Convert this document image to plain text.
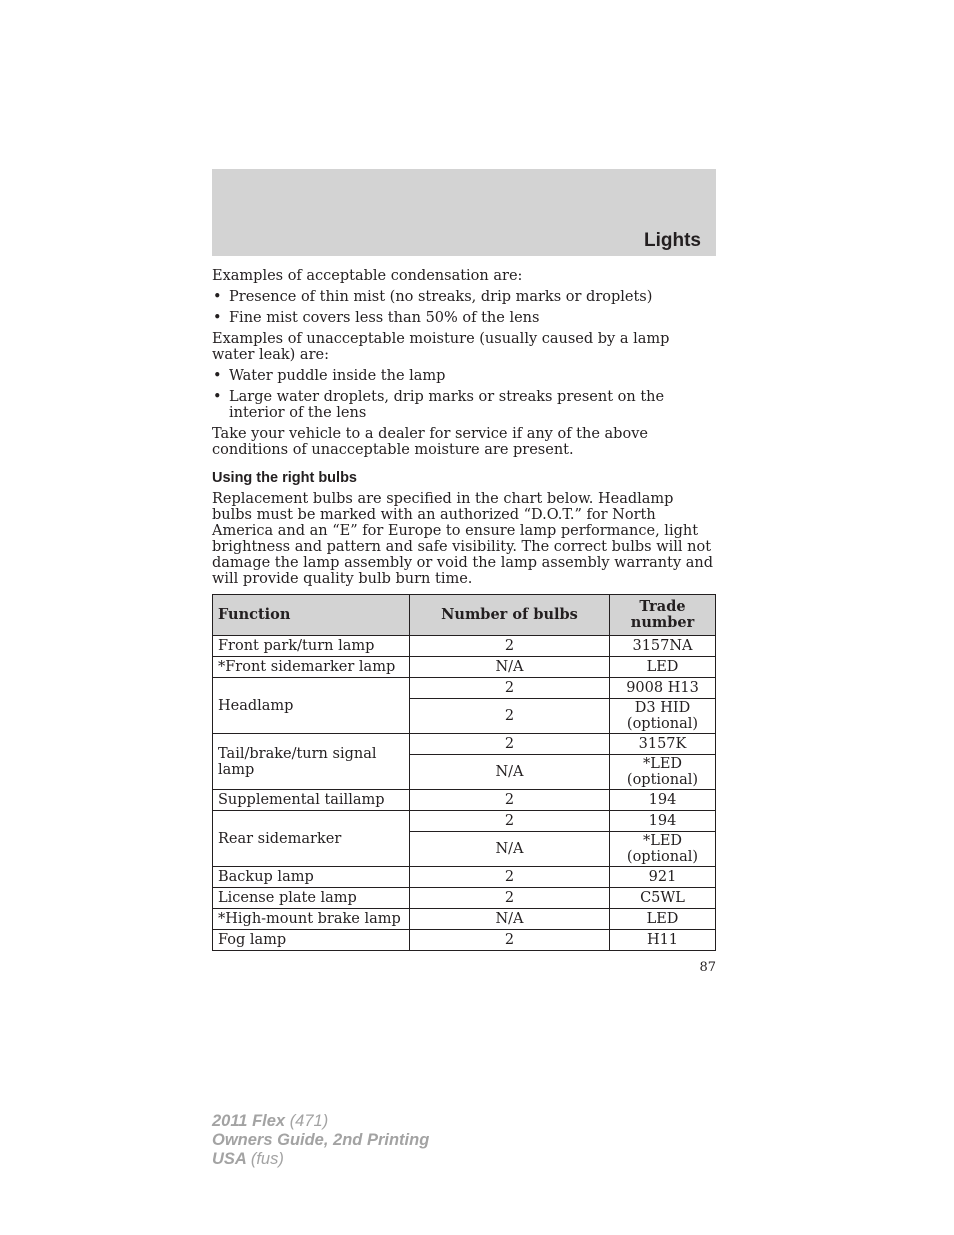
Lights

Examples of acceptable condensation are:

• Presence of thin mist (no streaks, drip marks or droplets)
• Fine mist covers less than 50% of the lens

Examples of unacceptable moisture (usually caused by a lamp water leak) are:

• Water puddle inside the lamp
• Large water droplets, drip marks or streaks present on the interior of the lens

Take your vehicle to a dealer for service if any of the above conditions of unacceptable moisture are present.

Using the right bulbs

Replacement bulbs are specified in the chart below. Headlamp bulbs must be marked with an authorized “D.O.T.” for North America and an “E” for Europe to ensure lamp performance, light brightness and pattern and safe visibility. The correct bulbs will not damage the lamp assembly or void the lamp assembly warranty and will provide quality bulb burn time.

Function	Number of bulbs	Trade number
Front park/turn lamp	2	3157NA
*Front sidemarker lamp	N/A	LED
Headlamp	2	9008 H13
	2	D3 HID (optional)
Tail/brake/turn signal lamp	2	3157K
	N/A	*LED (optional)
Supplemental taillamp	2	194
Rear sidemarker	2	194
	N/A	*LED (optional)
Backup lamp	2	921
License plate lamp	2	C5WL
*High-mount brake lamp	N/A	LED
Fog lamp	2	H11
87
2011 Flex (471)
Owners Guide, 2nd Printing
USA (fus)
